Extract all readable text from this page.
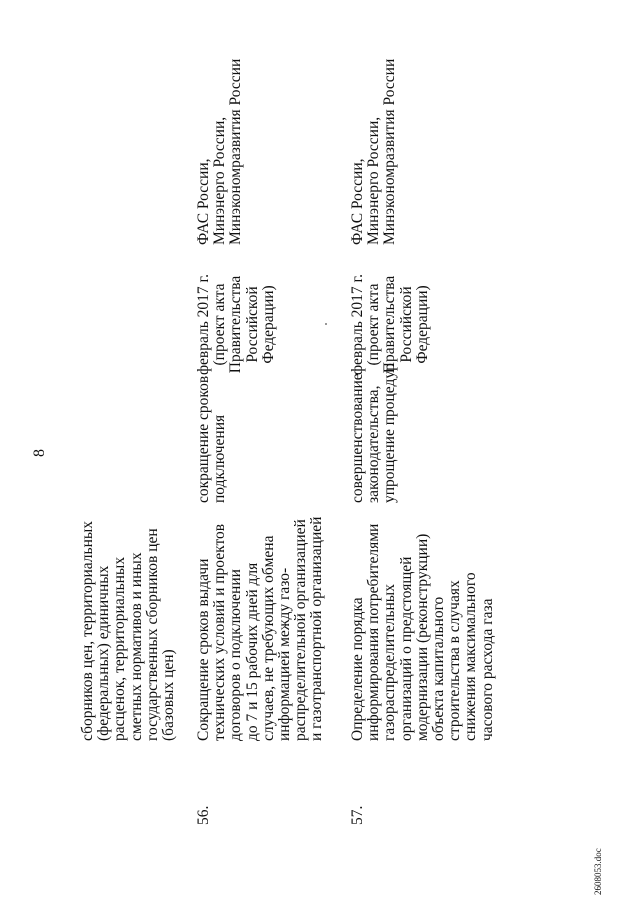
8
сборников цен, территориальных
(федеральных) единичных
расценок, территориальных
сметных нормативов и иных
государственных сборников цен
(базовых цен)
56.
Сокращение сроков выдачи
технических условий и проектов
договоров о подключении
до 7 и 15 рабочих дней для
случаев, не требующих обмена
информацией между газо-
распределительной организацией
и газотранспортной организацией
сокращение сроков
подключения
февраль 2017 г.
(проект акта
Правительства
Российской
Федерации)
ФАС России,
Минэнерго России,
Минэкономразвития России
57.
Определение порядка
информирования потребителями
газораспределительных
организаций о предстоящей
модернизации (реконструкции)
объекта капитального
строительства в случаях
снижения максимального
часового расхода газа
совершенствование
законодательства,
упрощение процедур
февраль 2017 г.
(проект акта
Правительства
Российской
Федерации)
ФАС России,
Минэнерго России,
Минэкономразвития России
2608053.doc
